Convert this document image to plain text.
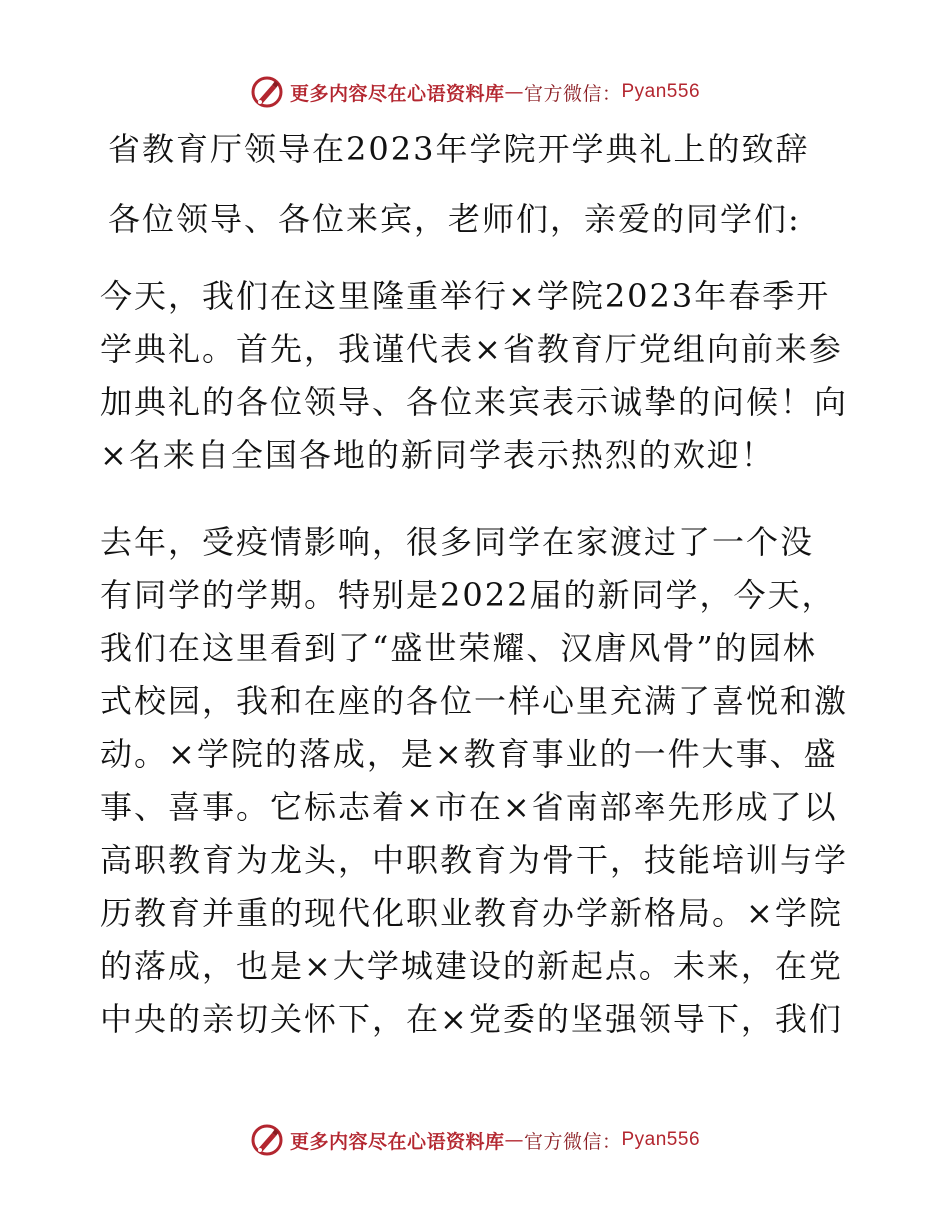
更多内容尽在心语资料库 — 官方微信： Pyan556
省教育厅领导在2023年学院开学典礼上的致辞
各位领导、各位来宾，老师们，亲爱的同学们:
今天，我们在这里隆重举行×学院2023年春季开
学典礼。首先，我谨代表×省教育厅党组向前来参
加典礼的各位领导、各位来宾表示诚挚的问候！向
×名来自全国各地的新同学表示热烈的欢迎！
去年，受疫情影响，很多同学在家渡过了一个没
有同学的学期。特别是2022届的新同学，今天，
我们在这里看到了“盛世荣耀、汉唐风骨”的园林
式校园，我和在座的各位一样心里充满了喜悦和激
动。×学院的落成，是×教育事业的一件大事、盛
事、喜事。它标志着×市在×省南部率先形成了以
高职教育为龙头，中职教育为骨干，技能培训与学
历教育并重的现代化职业教育办学新格局。×学院
的落成，也是×大学城建设的新起点。未来，在党
中央的亲切关怀下，在×党委的坚强领导下，我们
更多内容尽在心语资料库 — 官方微信： Pyan556
